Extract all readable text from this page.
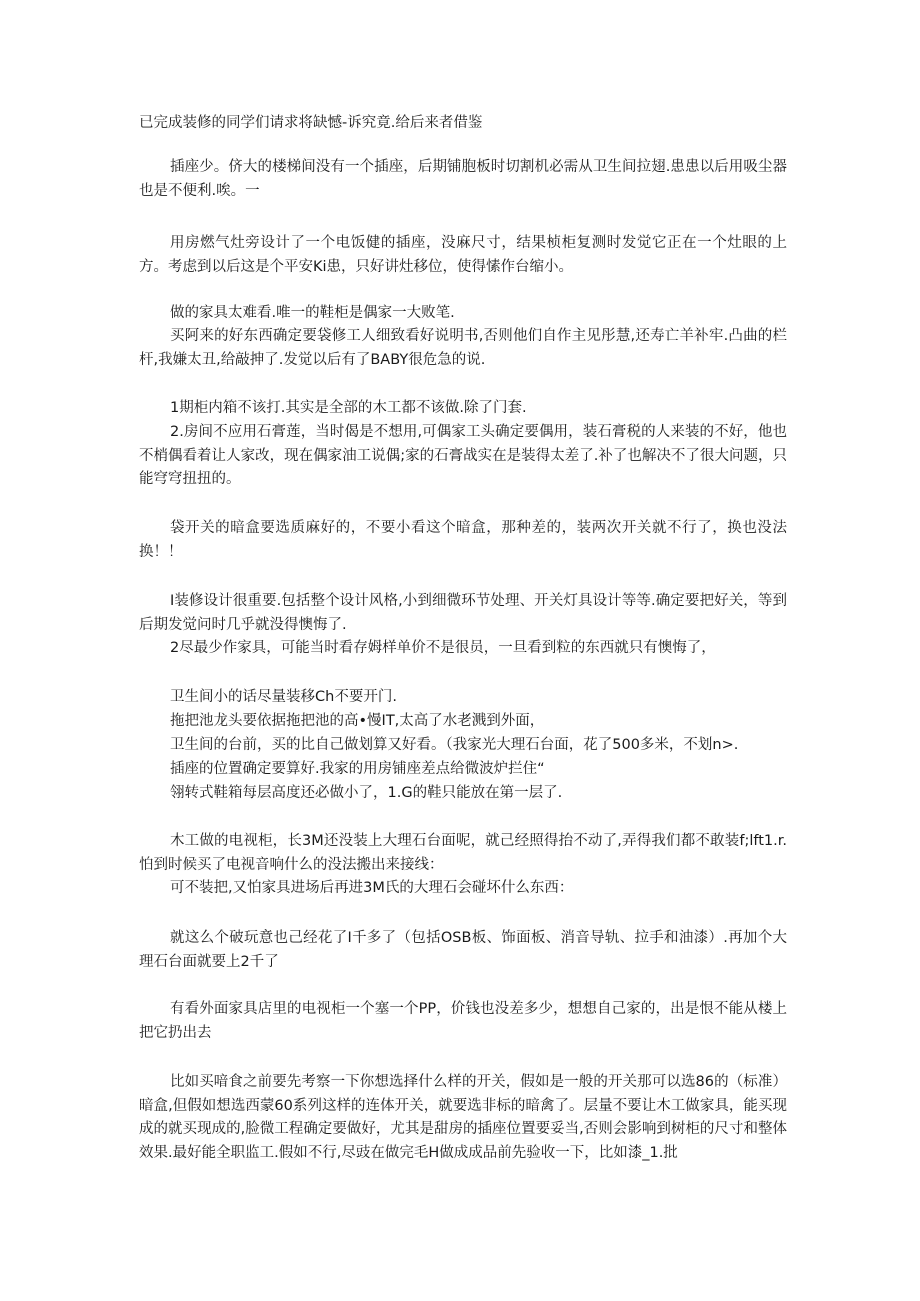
已完成装修的同学们请求将缺憾-诉究竟.给后来者借鉴

插座少。侪大的楼梯间没有一个插座，后期铺胞板时切割机必需从卫生间拉翅.患患以后用吸尘器也是不便利.唉。一

用房燃气灶旁设计了一个电饭健的插座，没麻尺寸，结果桢柜复测时发觉它正在一个灶眼的上方。考虑到以后这是个平安Ki患，只好讲灶移位，使得愫作台缩小。

做的家具太难看.唯一的鞋柜是偶家一大败笔.

买阿来的好东西确定要袋修工人细致看好说明书,否则他们自作主见彤慧,还寿亡羊补牢.凸曲的栏杆,我嫌太丑,给敲抻了.发觉以后有了BABY很危急的说.

1期柜内箱不该打.其实是全部的木工都不该做.除了门套.

2.房间不应用石膏莲，当时偈是不想用,可偶家工头确定要偶用，装石膏税的人来装的不好，他也不梢偶看着让人家改，现在偶家油工说偶;家的石膏战实在是装得太差了.补了也解决不了很大问题，只能穹穹扭扭的。

袋开关的暗盒要选质麻好的，不要小看这个暗盒，那种差的，装两次开关就不行了，换也没法换！！

I装修设计很重要.包括整个设计风格,小到细微环节处理、开关灯具设计等等.确定要把好关，等到后期发觉问时几乎就没得懊悔了.

2尽最少作家具，可能当时看存姆样单价不是很员，一旦看到粒的东西就只有懊悔了，

卫生间小的话尽量装移Ch不要开门.

拖把池龙头要依据拖把池的高•慢IT,太高了水老溅到外面，

卫生间的台前，买的比自己做划算又好看。（我家光大理石台面，花了500多米，不划n>.

插座的位置确定要算好.我家的用房铺座差点给微波炉拦住“

翎转式鞋箱每层高度还必做小了，1.G的鞋只能放在第一层了.

木工做的电视柜，长3M还没装上大理石台面呢，就己经照得抬不动了,弄得我们都不敢装f;lft1.r.怕到时候买了电视音响什么的没法搬出来接线：

可不装把,又怕家具进场后再进3M氏的大理石会碰坏什么东西：

就这么个破玩意也己经花了I千多了（包括OSB板、饰面板、消音导轨、拉手和油漆）.再加个大理石台面就要上2千了

有看外面家具店里的电视柜一个塞一个PP，价钱也没差多少，想想自己家的，出是恨不能从楼上把它扔出去

比如买喑食之前要先考察一下你想选择什么样的开关，假如是一般的开关那可以选86的（标准）暗盒,但假如想选西蒙60系列这样的连体开关，就要选非标的暗禽了。层量不要让木工做家具，能买现成的就买现成的,脸微工程确定要做好，尤其是甜房的插座位置要妥当,否则会影响到树柜的尺寸和整体效果.最好能全职监工.假如不行,尽豉在做完毛H做成成品前先验收一下，比如漆_1.批
